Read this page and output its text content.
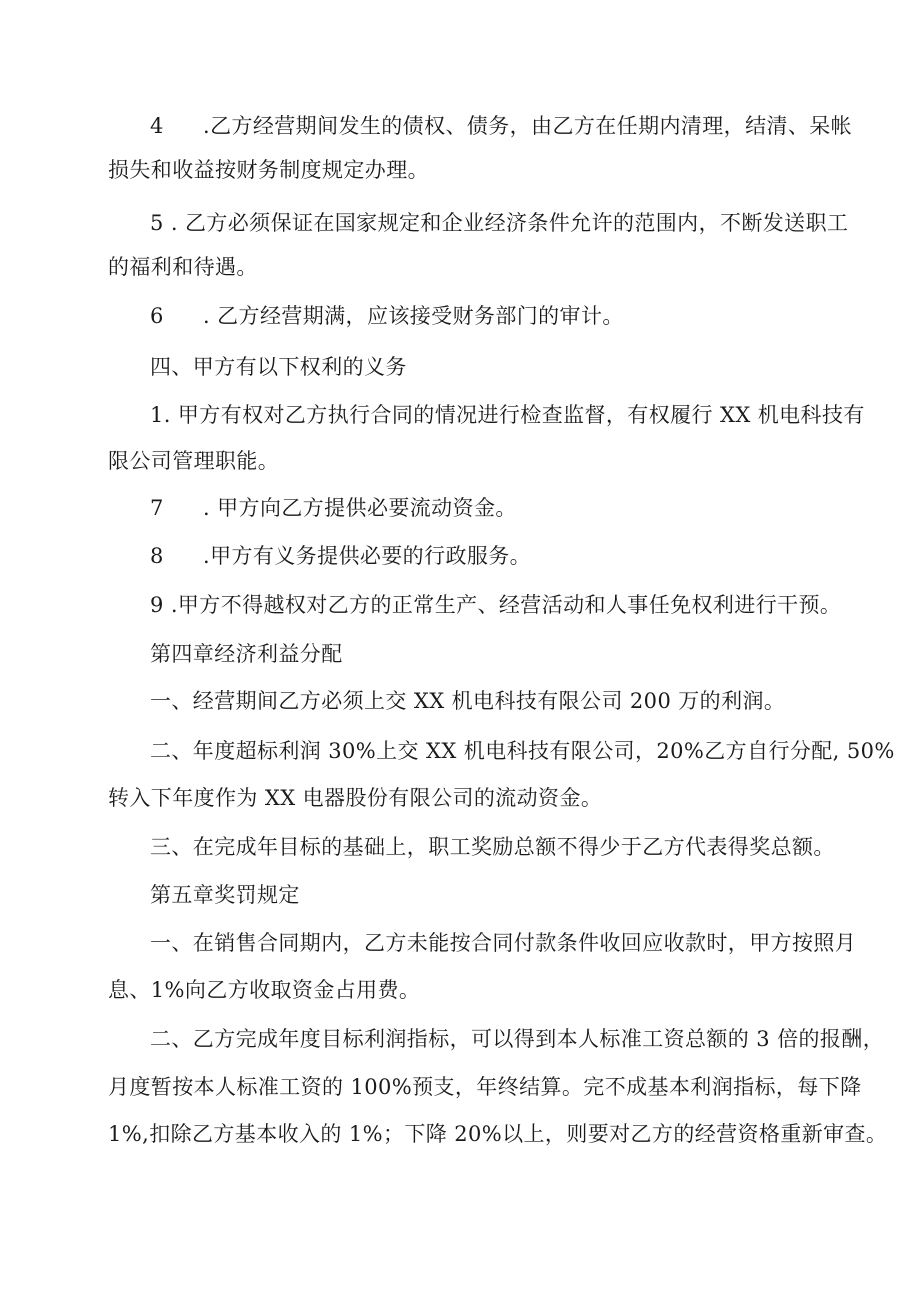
4 .乙方经营期间发生的债权、债务，由乙方在任期内清理，结清、呆帐
损失和收益按财务制度规定办理。
5 . 乙方必须保证在国家规定和企业经济条件允许的范围内，不断发送职工
的福利和待遇。
6 . 乙方经营期满，应该接受财务部门的审计。
四、甲方有以下权利的义务
1. 甲方有权对乙方执行合同的情况进行检查监督，有权履行 XX 机电科技有
限公司管理职能。
7 . 甲方向乙方提供必要流动资金。
8 .甲方有义务提供必要的行政服务。
9 .甲方不得越权对乙方的正常生产、经营活动和人事任免权利进行干预。
第四章经济利益分配
一、经营期间乙方必须上交 XX 机电科技有限公司 200 万的利润。
二、年度超标利润 30%上交 XX 机电科技有限公司，20%乙方自行分配, 50%
转入下年度作为 XX 电器股份有限公司的流动资金。
三、在完成年目标的基础上，职工奖励总额不得少于乙方代表得奖总额。
第五章奖罚规定
一、在销售合同期内，乙方未能按合同付款条件收回应收款时，甲方按照月
息、1%向乙方收取资金占用费。
二、乙方完成年度目标利润指标，可以得到本人标准工资总额的 3 倍的报酬，
月度暂按本人标准工资的 100%预支，年终结算。完不成基本利润指标，每下降
1%,扣除乙方基本收入的 1%；下降 20%以上，则要对乙方的经营资格重新审查。
